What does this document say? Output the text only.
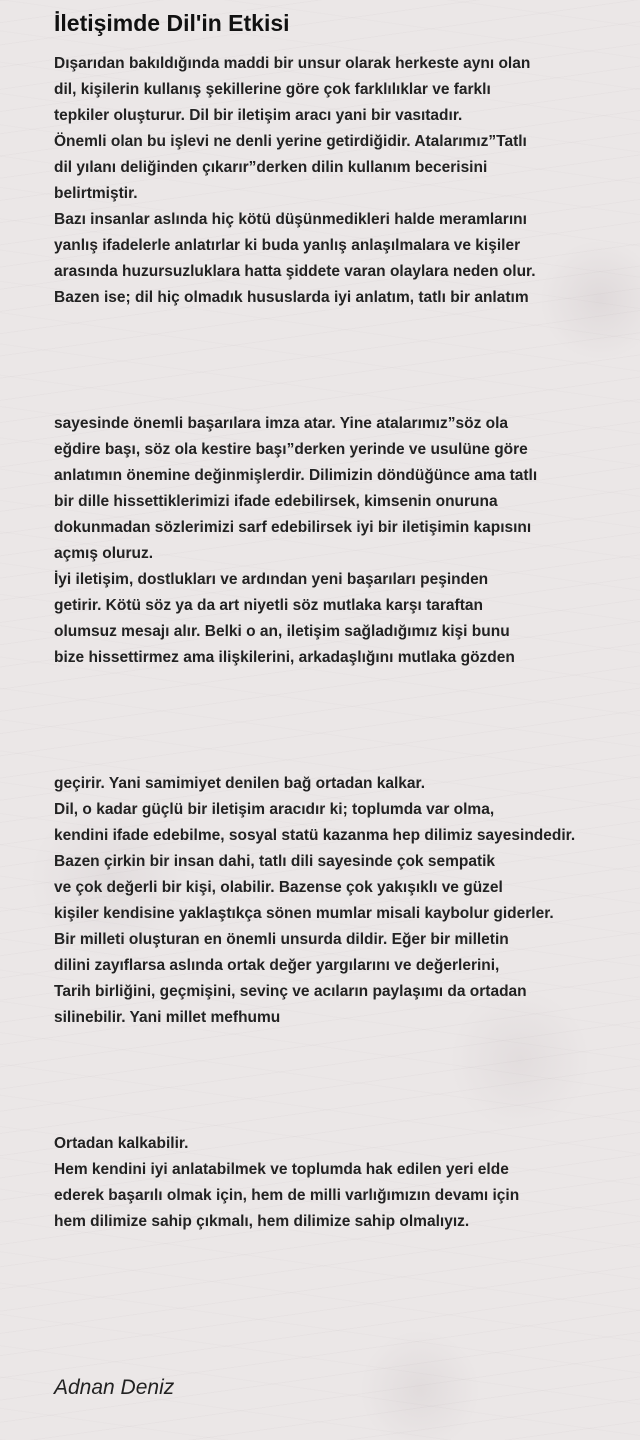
İletişimde Dil'in Etkisi
Dışarıdan bakıldığında maddi bir unsur olarak herkeste aynı olan
dil, kişilerin kullanış şekillerine göre çok farklılıklar ve farklı
tepkiler oluşturur. Dil bir iletişim aracı yani bir vasıtadır.
Önemli olan bu işlevi ne denli yerine getirdiğidir. Atalarımız”Tatlı
dil yılanı deliğinden çıkarır”derken dilin kullanım becerisini
belirtmiştir.
Bazı insanlar aslında hiç kötü düşünmedikleri halde meramlarını
yanlış ifadelerle anlatırlar ki buda yanlış anlaşılmalara ve kişiler
arasında huzursuzluklara hatta şiddete varan olaylara neden olur.
Bazen ise; dil hiç olmadık hususlarda iyi anlatım, tatlı bir anlatım
sayesinde önemli başarılara imza atar. Yine atalarımız”söz ola
eğdire başı, söz ola kestire başı”derken yerinde ve usulüne göre
anlatımın önemine değinmişlerdir. Dilimizin döndüğünce ama tatlı
bir dille hissettiklerimizi ifade edebilirsek, kimsenin onuruna
dokunmadan sözlerimizi sarf edebilirsek iyi bir iletişimin kapısını
açmış oluruz.
İyi iletişim, dostlukları ve ardından yeni başarıları peşinden
getirir. Kötü söz ya da art niyetli söz mutlaka karşı taraftan
olumsuz mesajı alır. Belki o an, iletişim sağladığımız kişi bunu
bize hissettirmez ama ilişkilerini, arkadaşlığını mutlaka gözden
geçirir. Yani samimiyet denilen bağ ortadan kalkar.
Dil, o kadar güçlü bir iletişim aracıdır ki; toplumda var olma,
kendini ifade edebilme, sosyal statü kazanma hep dilimiz sayesindedir.
Bazen çirkin bir insan dahi, tatlı dili sayesinde çok sempatik
ve çok değerli bir kişi, olabilir. Bazense çok yakışıklı ve güzel
kişiler kendisine yaklaştıkça sönen mumlar misali kaybolur giderler.
Bir milleti oluşturan en önemli unsurda dildir. Eğer bir milletin
dilini zayıflarsa aslında ortak değer yargılarını ve değerlerini,
Tarih birliğini, geçmişini, sevinç ve acıların paylaşımı da ortadan
silinebilir. Yani millet mefhumu
Ortadan kalkabilir.
Hem kendini iyi anlatabilmek ve toplumda hak edilen yeri elde
ederek başarılı olmak için, hem de milli varlığımızın devamı için
hem dilimize sahip çıkmalı, hem dilimize sahip olmalıyız.
Adnan Deniz
